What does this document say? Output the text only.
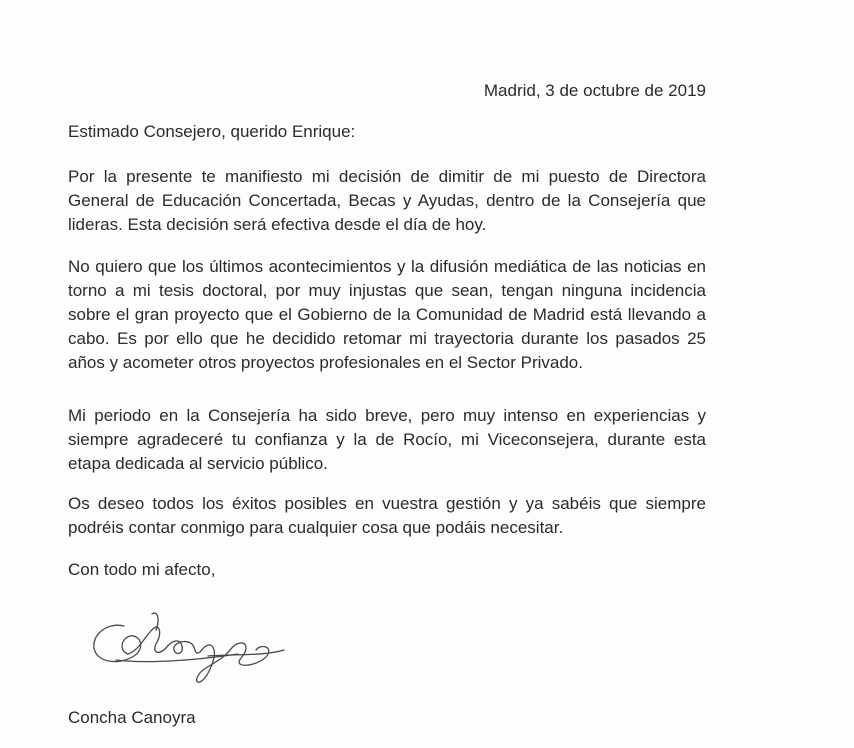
Madrid, 3 de octubre de 2019
Estimado Consejero, querido Enrique:
Por la presente te manifiesto mi decisión de dimitir de mi puesto de Directora General de Educación Concertada, Becas y Ayudas, dentro de la Consejería que lideras. Esta decisión será efectiva desde el día de hoy.
No quiero que los últimos acontecimientos y la difusión mediática de las noticias en torno a mi tesis doctoral, por muy injustas que sean, tengan ninguna incidencia sobre el gran proyecto que el Gobierno de la Comunidad de Madrid está llevando a cabo. Es por ello que he decidido retomar mi trayectoria durante los pasados 25 años y acometer otros proyectos profesionales en el Sector Privado.
Mi periodo en la Consejería ha sido breve, pero muy intenso en experiencias y siempre agradeceré tu confianza y la de Rocío, mi Viceconsejera, durante esta etapa dedicada al servicio público.
Os deseo todos los éxitos posibles en vuestra gestión y ya sabéis que siempre podréis contar conmigo para cualquier cosa que podáis necesitar.
Con todo mi afecto,
Concha Canoyra
